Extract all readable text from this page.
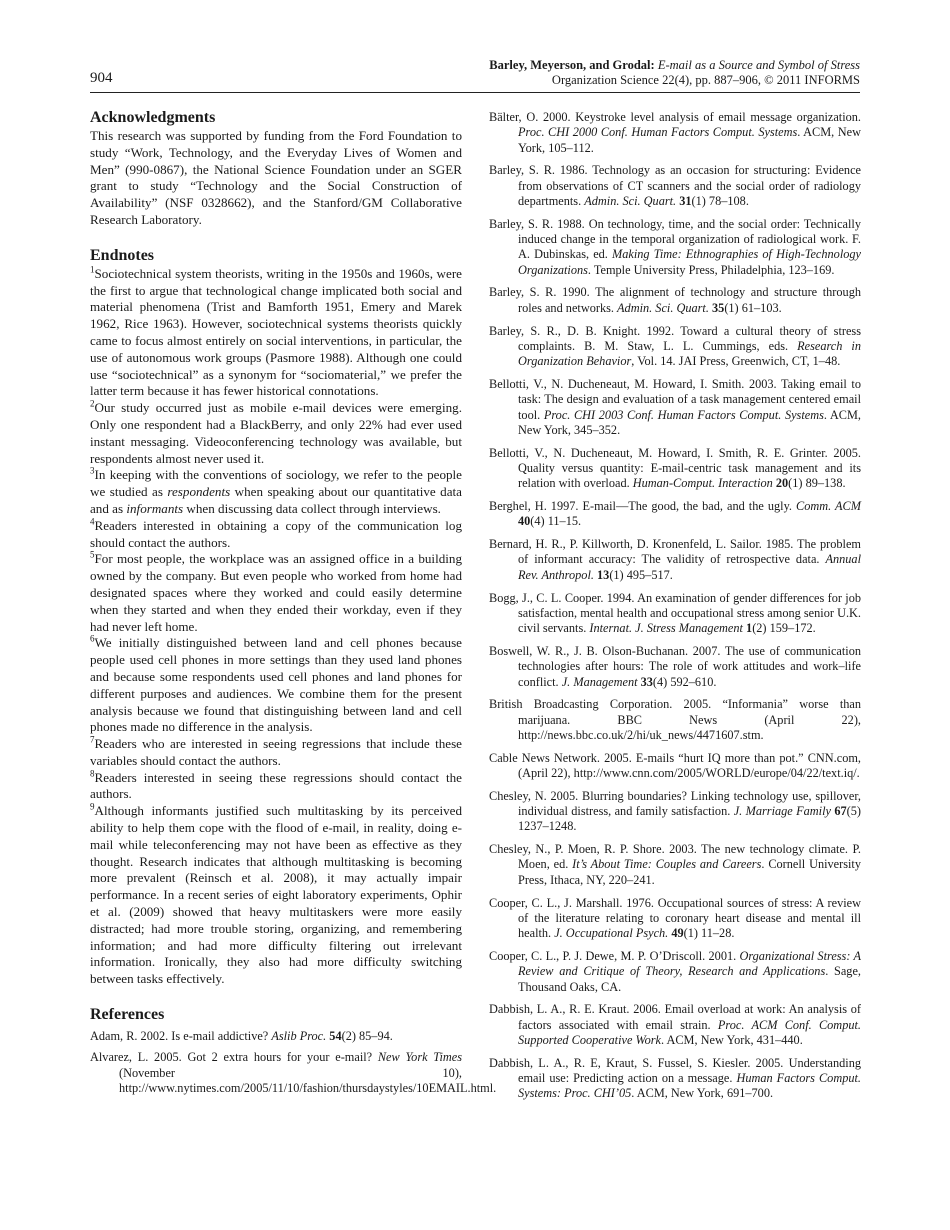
904
Barley, Meyerson, and Grodal: E-mail as a Source and Symbol of Stress
Organization Science 22(4), pp. 887–906, © 2011 INFORMS
Acknowledgments

This research was supported by funding from the Ford Foundation to study “Work, Technology, and the Everyday Lives of Women and Men” (990-0867), the National Science Foundation under an SGER grant to study “Technology and the Social Construction of Availability” (NSF 0328662), and the Stanford/GM Collaborative Research Laboratory.

Endnotes

$^1$Sociotechnical system theorists, writing in the 1950s and 1960s, were the first to argue that technological change implicated both social and material phenomena (Trist and Bamforth 1951, Emery and Marek 1962, Rice 1963). However, sociotechnical systems theorists quickly came to focus almost entirely on social interventions, in particular, the use of autonomous work groups (Pasmore 1988). Although one could use “sociotechnical” as a synonym for “sociomaterial,” we prefer the latter term because it has fewer historical connotations.

$^2$Our study occurred just as mobile e-mail devices were emerging. Only one respondent had a BlackBerry, and only 22% had ever used instant messaging. Videoconferencing technology was available, but respondents almost never used it.

$^3$In keeping with the conventions of sociology, we refer to the people we studied as respondents when speaking about our quantitative data and as informants when discussing data collect through interviews.

$^4$Readers interested in obtaining a copy of the communication log should contact the authors.

$^5$For most people, the workplace was an assigned office in a building owned by the company. But even people who worked from home had designated spaces where they worked and could easily determine when they started and when they ended their workday, even if they had never left home.

$^6$We initially distinguished between land and cell phones because people used cell phones in more settings than they used land phones and because some respondents used cell phones and land phones for different purposes and audiences. We combine them for the present analysis because we found that distinguishing between land and cell phones made no difference in the analysis.

$^7$Readers who are interested in seeing regressions that include these variables should contact the authors.

$^8$Readers interested in seeing these regressions should contact the authors.

$^9$Although informants justified such multitasking by its perceived ability to help them cope with the flood of e-mail, in reality, doing e-mail while teleconferencing may not have been as effective as they thought. Research indicates that although multitasking is becoming more prevalent (Reinsch et al. 2008), it may actually impair performance. In a recent series of eight laboratory experiments, Ophir et al. (2009) showed that heavy multitaskers were more easily distracted; had more trouble storing, organizing, and remembering information; and had more difficulty filtering out irrelevant information. Ironically, they also had more difficulty switching between tasks effectively.

References

Adam, R. 2002. Is e-mail addictive? Aslib Proc. 54(2) 85–94.

Alvarez, L. 2005. Got 2 extra hours for your e-mail? New York Times (November 10), http://www.nytimes.com/2005/11/10/fashion/thursdaystyles/10EMAIL.html.

Bälter, O. 2000. Keystroke level analysis of email message organization. Proc. CHI 2000 Conf. Human Factors Comput. Systems. ACM, New York, 105–112.

Barley, S. R. 1986. Technology as an occasion for structuring: Evidence from observations of CT scanners and the social order of radiology departments. Admin. Sci. Quart. 31(1) 78–108.

Barley, S. R. 1988. On technology, time, and the social order: Technically induced change in the temporal organization of radiological work. F. A. Dubinskas, ed. Making Time: Ethnographies of High-Technology Organizations. Temple University Press, Philadelphia, 123–169.

Barley, S. R. 1990. The alignment of technology and structure through roles and networks. Admin. Sci. Quart. 35(1) 61–103.

Barley, S. R., D. B. Knight. 1992. Toward a cultural theory of stress complaints. B. M. Staw, L. L. Cummings, eds. Research in Organization Behavior, Vol. 14. JAI Press, Greenwich, CT, 1–48.

Bellotti, V., N. Ducheneaut, M. Howard, I. Smith. 2003. Taking email to task: The design and evaluation of a task management centered email tool. Proc. CHI 2003 Conf. Human Factors Comput. Systems. ACM, New York, 345–352.

Bellotti, V., N. Ducheneaut, M. Howard, I. Smith, R. E. Grinter. 2005. Quality versus quantity: E-mail-centric task management and its relation with overload. Human-Comput. Interaction 20(1) 89–138.

Berghel, H. 1997. E-mail—The good, the bad, and the ugly. Comm. ACM 40(4) 11–15.

Bernard, H. R., P. Killworth, D. Kronenfeld, L. Sailor. 1985. The problem of informant accuracy: The validity of retrospective data. Annual Rev. Anthropol. 13(1) 495–517.

Bogg, J., C. L. Cooper. 1994. An examination of gender differences for job satisfaction, mental health and occupational stress among senior U.K. civil servants. Internat. J. Stress Management 1(2) 159–172.

Boswell, W. R., J. B. Olson-Buchanan. 2007. The use of communication technologies after hours: The role of work attitudes and work–life conflict. J. Management 33(4) 592–610.

British Broadcasting Corporation. 2005. “Informania” worse than marijuana. BBC News (April 22), http://news.bbc.co.uk/2/hi/uk_news/4471607.stm.

Cable News Network. 2005. E-mails “hurt IQ more than pot.” CNN.com, (April 22), http://www.cnn.com/2005/WORLD/europe/04/22/text.iq/.

Chesley, N. 2005. Blurring boundaries? Linking technology use, spillover, individual distress, and family satisfaction. J. Marriage Family 67(5) 1237–1248.

Chesley, N., P. Moen, R. P. Shore. 2003. The new technology climate. P. Moen, ed. It’s About Time: Couples and Careers. Cornell University Press, Ithaca, NY, 220–241.

Cooper, C. L., J. Marshall. 1976. Occupational sources of stress: A review of the literature relating to coronary heart disease and mental ill health. J. Occupational Psych. 49(1) 11–28.

Cooper, C. L., P. J. Dewe, M. P. O’Driscoll. 2001. Organizational Stress: A Review and Critique of Theory, Research and Applications. Sage, Thousand Oaks, CA.

Dabbish, L. A., R. E. Kraut. 2006. Email overload at work: An analysis of factors associated with email strain. Proc. ACM Conf. Comput. Supported Cooperative Work. ACM, New York, 431–440.

Dabbish, L. A., R. E, Kraut, S. Fussel, S. Kiesler. 2005. Understanding email use: Predicting action on a message. Human Factors Comput. Systems: Proc. CHI’05. ACM, New York, 691–700.
